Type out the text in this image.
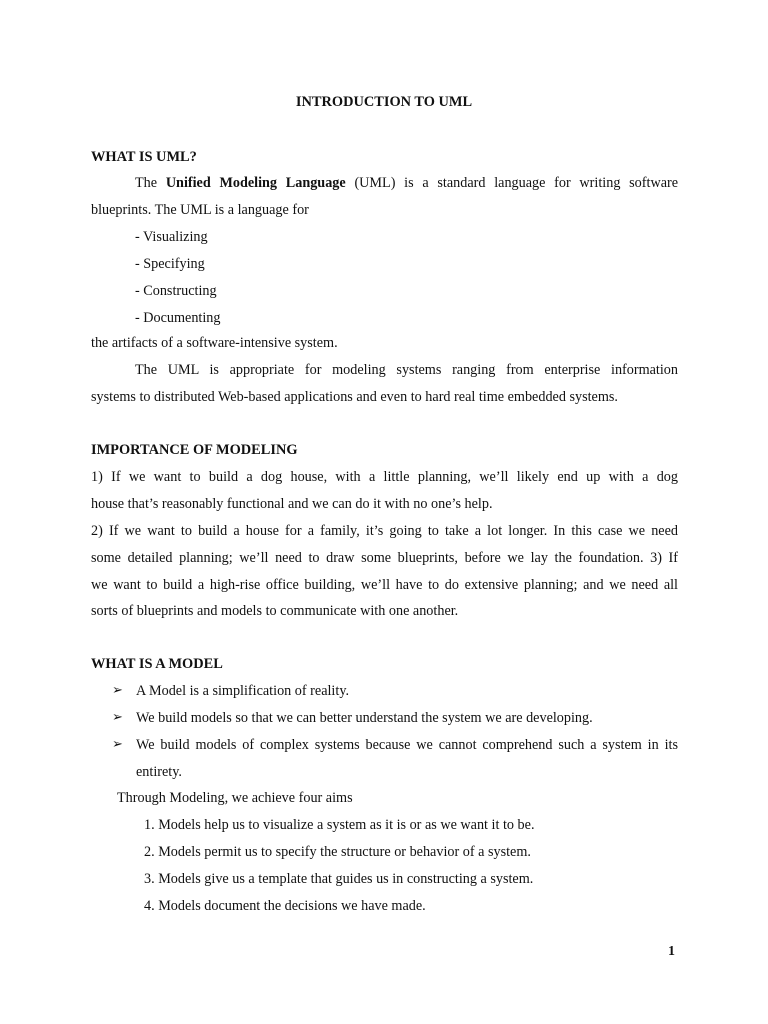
INTRODUCTION TO UML
WHAT IS UML?
The Unified Modeling Language (UML) is a standard language for writing software
blueprints. The UML is a language for
- Visualizing
- Specifying
- Constructing
- Documenting
the artifacts of a software-intensive system.
The UML is appropriate for modeling systems ranging from enterprise information
systems to distributed Web-based applications and even to hard real time embedded systems.
IMPORTANCE OF MODELING
1) If we want to build a dog house, with a little planning, we’ll likely end up with a dog
house that’s reasonably functional and we can do it with no one’s help.
2) If we want to build a house for a family, it’s going to take a lot longer. In this case we need
some detailed planning; we’ll need to draw some blueprints, before we lay the foundation. 3) If
we want to build a high-rise office building, we’ll have to do extensive planning; and we need all
sorts of blueprints and models to communicate with one another.
WHAT IS A MODEL
➢ A Model is a simplification of reality.
➢ We build models so that we can better understand the system we are developing.
➢ We build models of complex systems because we cannot comprehend such a system in its
entirety.
Through Modeling, we achieve four aims
1. Models help us to visualize a system as it is or as we want it to be.
2. Models permit us to specify the structure or behavior of a system.
3. Models give us a template that guides us in constructing a system.
4. Models document the decisions we have made.
1
